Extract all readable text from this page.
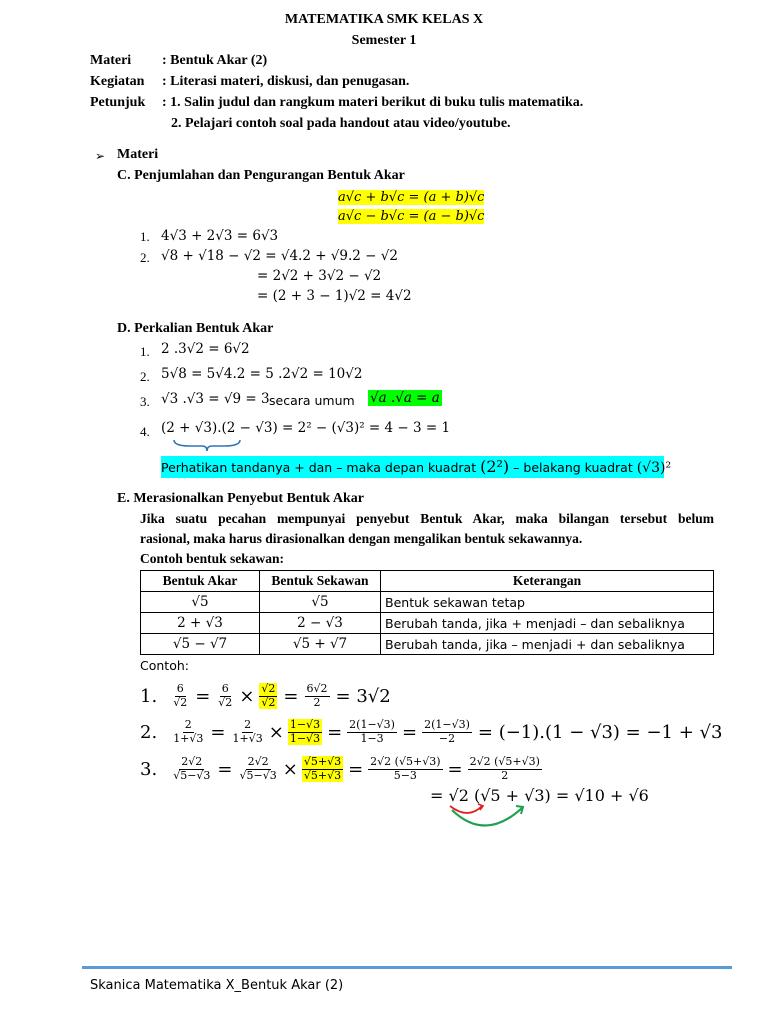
MATEMATIKA SMK KELAS X
Semester 1
Materi : Bentuk Akar (2)
Kegiatan : Literasi materi, diskusi, dan penugasan.
Petunjuk : 1. Salin judul dan rangkum materi berikut di buku tulis matematika.
2. Pelajari contoh soal pada handout atau video/youtube.
➢ Materi
C. Penjumlahan dan Pengurangan Bentuk Akar
a√c + b√c = (a + b)√c
a√c − b√c = (a − b)√c
1. 4√3 + 2√3 = 6√3
2. √8 + √18 − √2 = √4.2 + √9.2 − √2
= 2√2 + 3√2 − √2
= (2 + 3 − 1)√2 = 4√2
D. Perkalian Bentuk Akar
1. 2 .3√2 = 6√2
2. 5√8 = 5√4.2 = 5 .2√2 = 10√2
3. √3 .√3 = √9 = 3 secara umum √a .√a = a
4. (2 + √3).(2 − √3) = 2² − (√3)² = 4 − 3 = 1
Perhatikan tandanya + dan – maka depan kuadrat (2²) – belakang kuadrat (√3)²
E. Merasionalkan Penyebut Bentuk Akar
Jika suatu pecahan mempunyai penyebut Bentuk Akar, maka bilangan tersebut belum
rasional, maka harus dirasionalkan dengan mengalikan bentuk sekawannya.
Contoh bentuk sekawan:
Bentuk Akar	Bentuk Sekawan	Keterangan
√5	√5	Bentuk sekawan tetap
2 + √3	2 − √3	Berubah tanda, jika + menjadi – dan sebaliknya
√5 − √7	√5 + √7	Berubah tanda, jika – menjadi + dan sebaliknya
Contoh:
1. $\frac{6}{√2} = \frac{6}{√2} \times \frac{√2}{√2} = \frac{6√2}{2} = 3√2$
2. $\frac{2}{1+√3} = \frac{2}{1+√3} \times \frac{1-√3}{1-√3} = \frac{2(1-√3)}{1-3} = \frac{2(1-√3)}{-2} = (-1).(1 - √3) = -1 + √3$
3. $\frac{2√2}{√5-√3} = \frac{2√2}{√5-√3} \times \frac{√5+√3}{√5+√3} = \frac{2√2 (√5+√3)}{5-3} = \frac{2√2 (√5+√3)}{2}$
= √2 (√5 + √3) = √10 + √6
Skanica Matematika X_Bentuk Akar (2)
